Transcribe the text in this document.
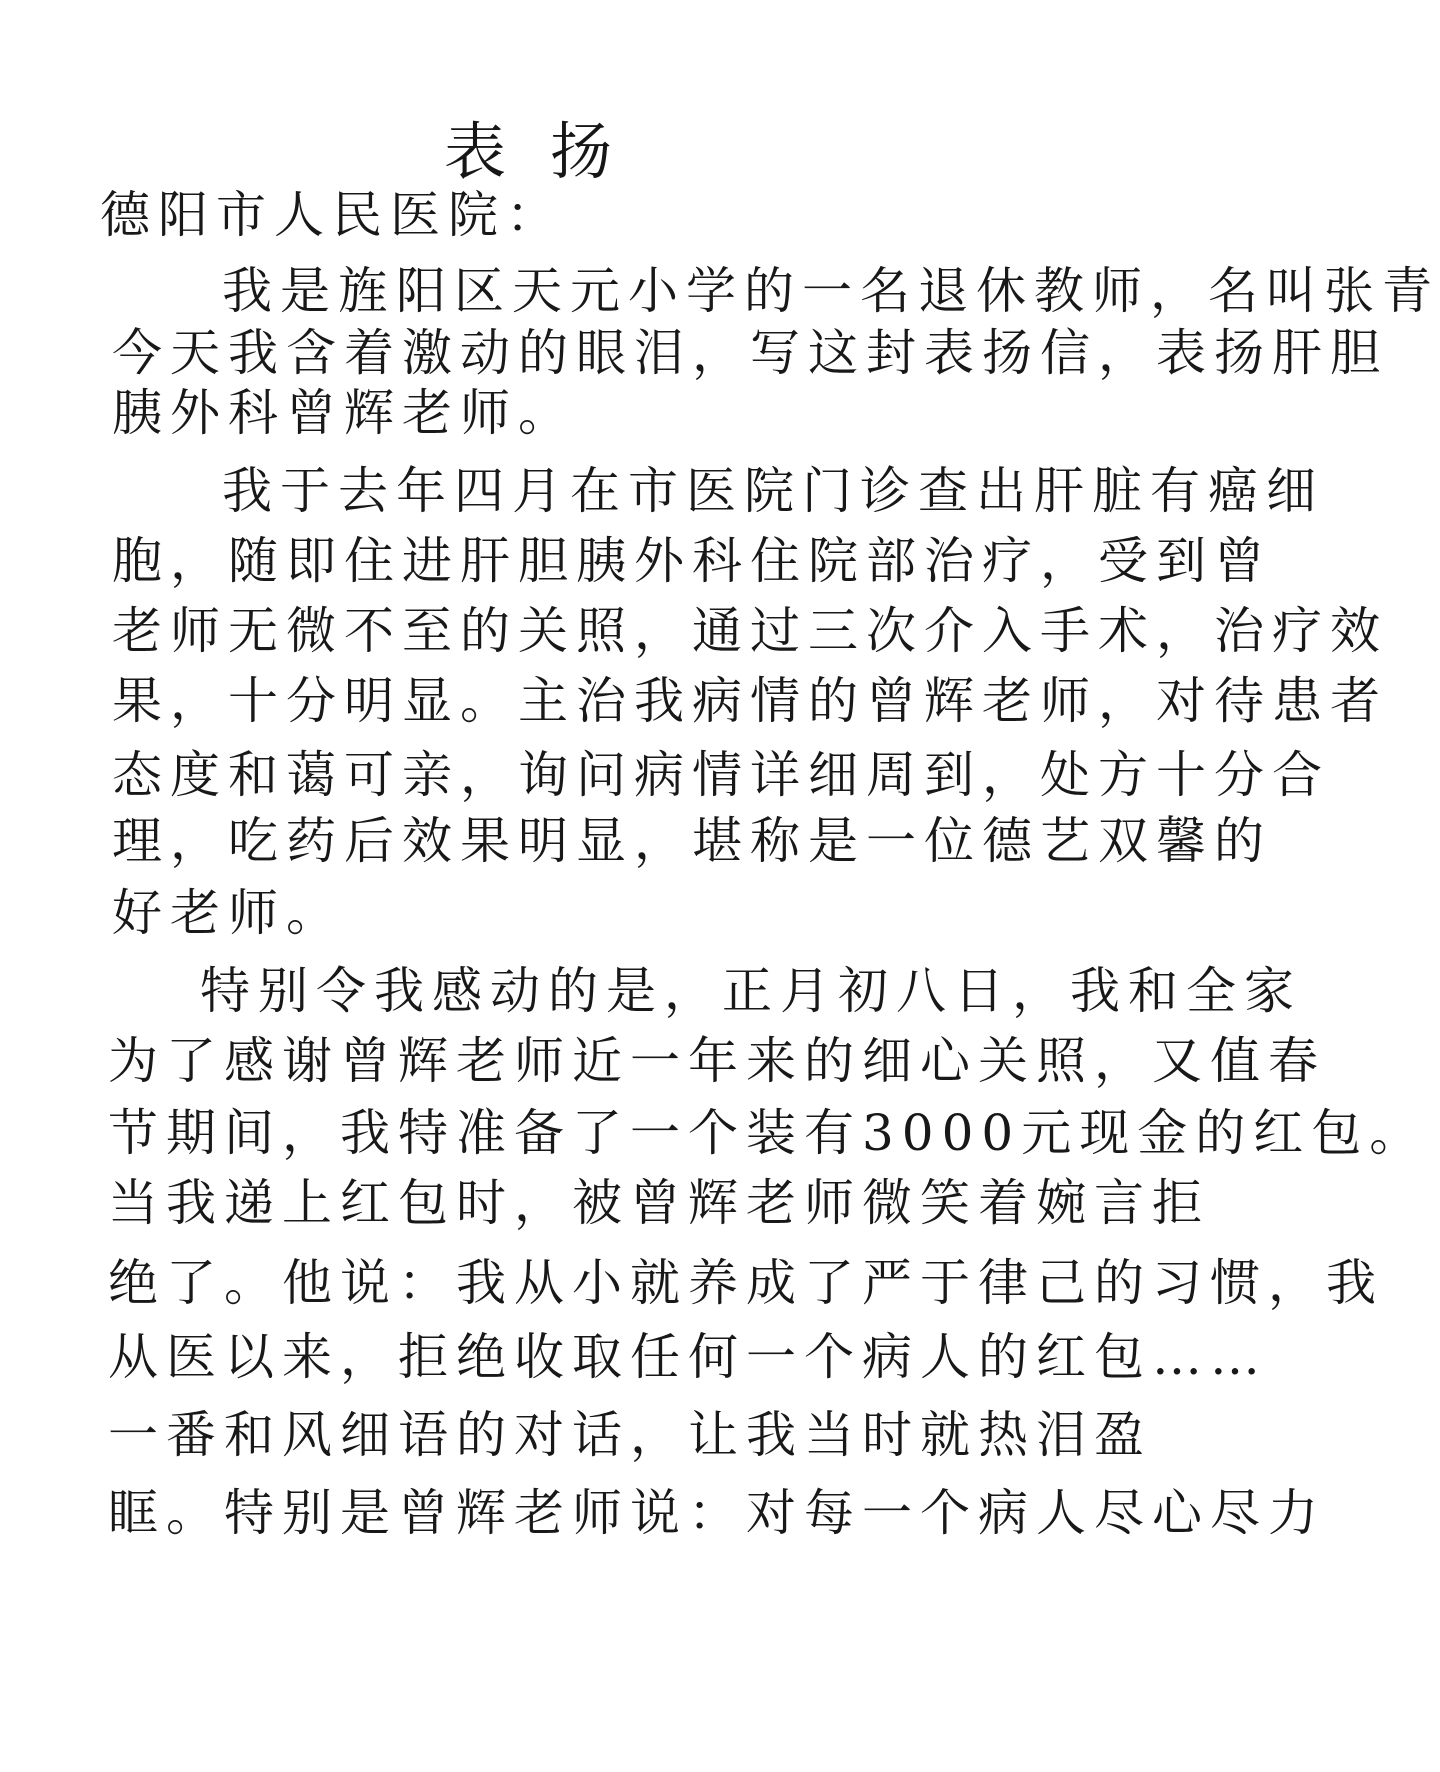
表扬
德阳市人民医院：
我是旌阳区天元小学的一名退休教师，名叫张青
今天我含着激动的眼泪，写这封表扬信，表扬肝胆
胰外科曾辉老师。
我于去年四月在市医院门诊查出肝脏有癌细
胞，随即住进肝胆胰外科住院部治疗，受到曾
老师无微不至的关照，通过三次介入手术，治疗效
果，十分明显。主治我病情的曾辉老师，对待患者
态度和蔼可亲，询问病情详细周到，处方十分合
理，吃药后效果明显，堪称是一位德艺双馨的
好老师。
特别令我感动的是，正月初八日，我和全家
为了感谢曾辉老师近一年来的细心关照，又值春
节期间，我特准备了一个装有3000元现金的红包。
当我递上红包时，被曾辉老师微笑着婉言拒
绝了。他说：我从小就养成了严于律己的习惯，我
从医以来，拒绝收取任何一个病人的红包……
一番和风细语的对话，让我当时就热泪盈
眶。特别是曾辉老师说：对每一个病人尽心尽力
